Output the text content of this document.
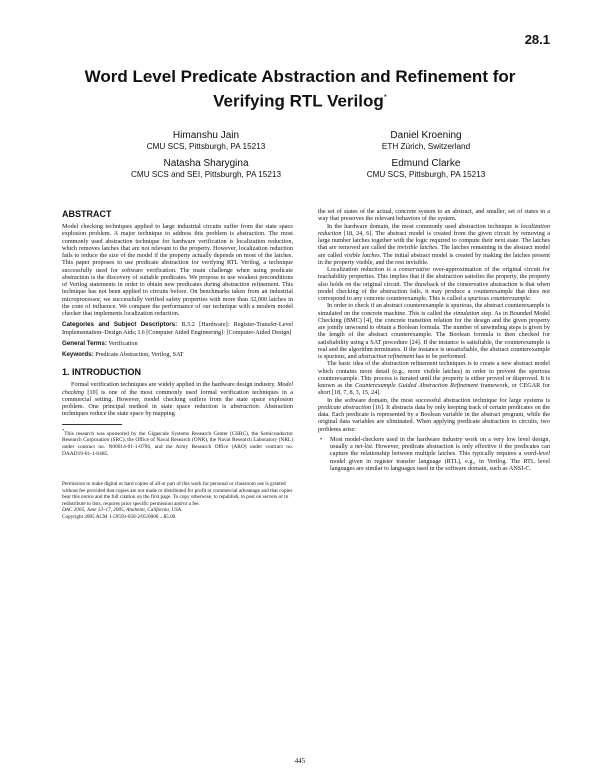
28.1
Word Level Predicate Abstraction and Refinement for
Verifying RTL Verilog*
Himanshu Jain
CMU SCS, Pittsburgh, PA 15213
Daniel Kroening
ETH Zürich, Switzerland
Natasha Sharygina
CMU SCS and SEI, Pittsburgh, PA 15213
Edmund Clarke
CMU SCS, Pittsburgh, PA 15213
ABSTRACT

Model checking techniques applied to large industrial circuits suffer from the state space explosion problem. A major technique to address this problem is abstraction. The most commonly used abstraction technique for hardware verification is localization reduction, which removes latches that are not relevant to the property. However, localization reduction fails to reduce the size of the model if the property actually depends on most of the latches. This paper proposes to use predicate abstraction for verifying RTL Verilog, a technique successfully used for software verification. The main challenge when using predicate abstraction is the discovery of suitable predicates. We propose to use weakest preconditions of Verilog statements in order to obtain new predicates during abstraction refinement. This technique has not been applied to circuits before. On benchmarks taken from an industrial microprocessor, we successfully verified safety properties with more than 32,000 latches in the cone of influence. We compare the performance of our technique with a modern model checker that implements localization reduction.

Categories and Subject Descriptors: B.5.2 [Hardware]: Register-Transfer-Level Implementation–Design Aids; I.6 [Computer Aided Engineering]: [Computer-Aided Design]

General Terms: Verification

Keywords: Predicate Abstraction, Verilog, SAT

1. INTRODUCTION

Formal verification techniques are widely applied in the hardware design industry. Model checking [10] is one of the most commonly used formal verification techniques in a commercial setting. However, model checking suffers from the state space explosion problem. One principal method in state space reduction is abstraction. Abstraction techniques reduce the state space by mapping

*This research was sponsored by the Gigascale Systems Research Center (GSRC), the Semiconductor Research Corporation (SRC), the Office of Naval Research (ONR), the Naval Research Laboratory (NRL) under contract no. N00014-01-1-0796, and the Army Research Office (ARO) under contract no. DAAD19-01-1-0485.

Permission to make digital or hard copies of all or part of this work for personal or classroom use is granted without fee provided that copies are not made or distributed for profit or commercial advantage and that copies bear this notice and the full citation on the first page. To copy otherwise, to republish, to post on servers or to redistribute to lists, requires prior specific permission and/or a fee.

DAC 2005, June 13–17, 2005, Anaheim, California, USA.

Copyright 2005 ACM 1-59593-058-2/05/0006 ...$5.00.

the set of states of the actual, concrete system to an abstract, and smaller, set of states in a way that preserves the relevant behaviors of the system.

In the hardware domain, the most commonly used abstraction technique is localization reduction [18, 24, 6]. The abstract model is created from the given circuit by removing a large number latches together with the logic required to compute their next state. The latches that are removed are called the invisible latches. The latches remaining in the abstract model are called visible latches. The initial abstract model is created by making the latches present in the property visible, and the rest invisible.

Localization reduction is a conservative over-approximation of the original circuit for reachability properties. This implies that if the abstraction satisfies the property, the property also holds on the original circuit. The drawback of the conservative abstraction is that when model checking of the abstraction fails, it may produce a counterexample that does not correspond to any concrete counterexample. This is called a spurious counterexample.

In order to check if an abstract counterexample is spurious, the abstract counterexample is simulated on the concrete machine. This is called the simulation step. As in Bounded Model Checking (BMC) [4], the concrete transition relation for the design and the given property are jointly unwound to obtain a Boolean formula. The number of unwinding steps is given by the length of the abstract counterexample. The Boolean formula is then checked for satisfiability using a SAT procedure [24]. If the instance is satisfiable, the counterexample is real and the algorithm terminates. If the instance is unsatisfiable, the abstract counterexample is spurious, and abstraction refinement has to be performed.

The basic idea of the abstraction refinement techniques is to create a new abstract model which contains more detail (e.g., more visible latches) in order to prevent the spurious counterexample. This process is iterated until the property is either proved or disproved. It is known as the Counterexample Guided Abstraction Refinement framework, or CEGAR for short [18, 7, 8, 3, 15, 24].

In the software domain, the most successful abstraction technique for large systems is predicate abstraction [16]. It abstracts data by only keeping track of certain predicates on the data. Each predicate is represented by a Boolean variable in the abstract program, while the original data variables are eliminated. When applying predicate abstraction to circuits, two problems arise:

• Most model-checkers used in the hardware industry work on a very low level design, usually a net-list. However, predicate abstraction is only effective if the predicates can capture the relationship between multiple latches. This typically requires a word-level model given in register transfer language (RTL), e.g., in Verilog. The RTL level languages are similar to languages used in the software domain, such as ANSI-C.

445
